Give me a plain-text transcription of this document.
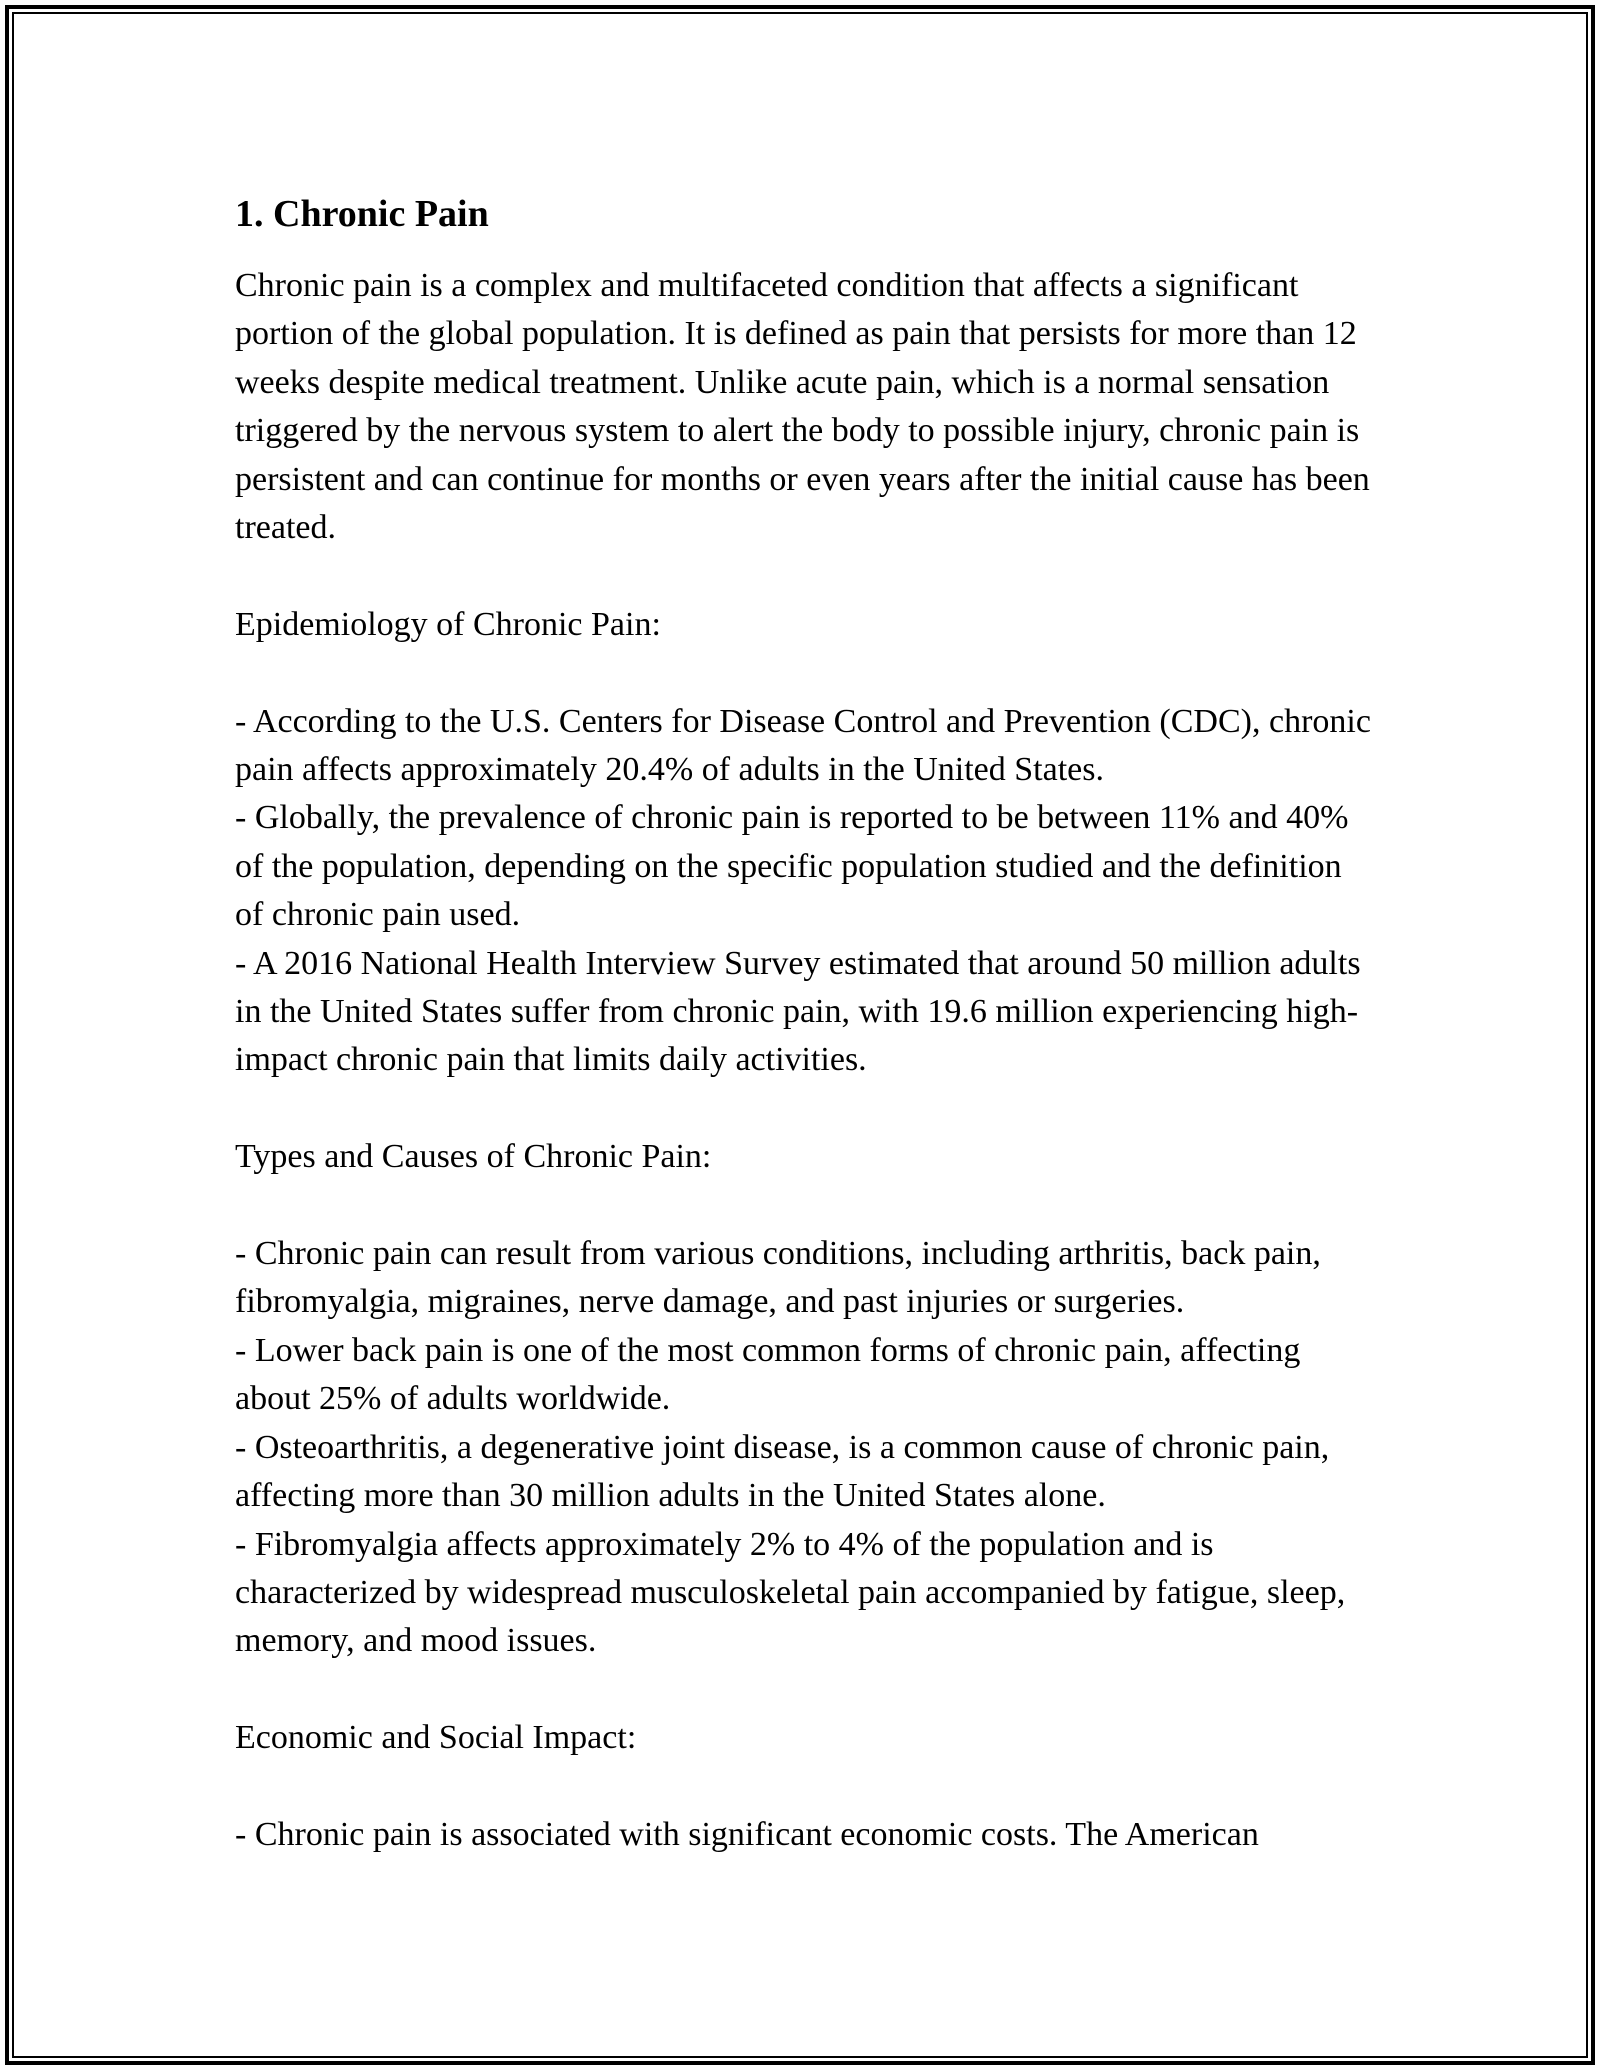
1. Chronic Pain

Chronic pain is a complex and multifaceted condition that affects a significant portion of the global population. It is defined as pain that persists for more than 12 weeks despite medical treatment. Unlike acute pain, which is a normal sensation triggered by the nervous system to alert the body to possible injury, chronic pain is persistent and can continue for months or even years after the initial cause has been treated.

Epidemiology of Chronic Pain:

- According to the U.S. Centers for Disease Control and Prevention (CDC), chronic pain affects approximately 20.4% of adults in the United States.

- Globally, the prevalence of chronic pain is reported to be between 11% and 40% of the population, depending on the specific population studied and the definition of chronic pain used.

- A 2016 National Health Interview Survey estimated that around 50 million adults in the United States suffer from chronic pain, with 19.6 million experiencing high-impact chronic pain that limits daily activities.

Types and Causes of Chronic Pain:

- Chronic pain can result from various conditions, including arthritis, back pain, fibromyalgia, migraines, nerve damage, and past injuries or surgeries.

- Lower back pain is one of the most common forms of chronic pain, affecting about 25% of adults worldwide.

- Osteoarthritis, a degenerative joint disease, is a common cause of chronic pain, affecting more than 30 million adults in the United States alone.

- Fibromyalgia affects approximately 2% to 4% of the population and is characterized by widespread musculoskeletal pain accompanied by fatigue, sleep, memory, and mood issues.

Economic and Social Impact:

- Chronic pain is associated with significant economic costs. The American
